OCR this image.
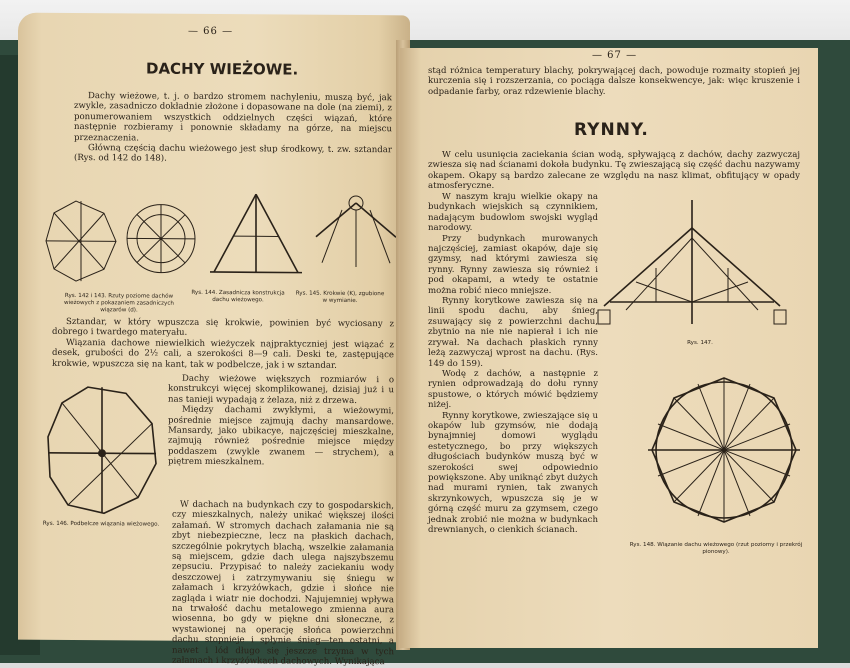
— 66 —
DACHY WIEŻOWE.

Dachy wieżowe, t. j. o bardzo stromem nachyleniu, muszą być, jak zwykle, zasadniczo dokładnie złożone i dopasowane na dole (na ziemi), z ponumerowaniem wszystkich oddzielnych części wiązań, które następnie rozbieramy i ponownie składamy na górze, na miejscu przeznaczenia.

Główną częścią dachu wieżowego jest słup środkowy, t. zw. sztandar (Rys. od 142 do 148).

Rys. 142 i 143. Rzuty poziome dachów wieżowych z pokazaniem zasadniczych wiązarów (d).
Rys. 144. Zasadnicza konstrukcja dachu wieżowego.
Rys. 145. Krokwie (K), zgubione w wymianie.

Sztandar, w który wpuszcza się krokwie, powinien być wyciosany z dobrego i twardego materyału.

Wiązania dachowe niewielkich wieżyczek najpraktyczniej jest wiązać z desek, grubości do 2½ cali, a szerokości 8—9 cali. Deski te, zastępujące krokwie, wpuszcza się na kant, tak w podbelcze, jak i w sztandar.

Dachy wieżowe większych rozmiarów i o konstrukcyi więcej skomplikowanej, dzisiaj już i u nas tanieji wypadają z żelaza, niż z drzewa.

Między dachami zwykłymi, a wieżowymi, pośrednie miejsce zajmują dachy mansardowe. Mansardy, jako ubikacye, najczęściej mieszkalne, zajmują również pośrednie miejsce między poddaszem (zwykle zwanem — strychem), a piętrem mieszkalnem.

Rys. 146. Podbelcze wiązania wieżowego.

W dachach na budynkach czy to gospodarskich, czy mieszkalnych, należy unikać większej ilości załamań. W stromych dachach załamania nie są zbyt niebezpieczne, lecz na płaskich dachach, szczególnie pokrytych blachą, wszelkie załamania są miejscem, gdzie dach ulega najszybszemu zepsuciu. Przypisać to należy zaciekaniu wody deszczowej i zatrzymywaniu się śniegu w załamach i krzyżówkach, gdzie i słońce nie zagląda i wiatr nie dochodzi. Najujemniej wpływa na trwałość dachu metalowego zmienna aura wiosenna, bo gdy w piękne dni słoneczne, z wystawionej na operację słońca powierzchni dachu stopnieje i spłynie śnieg—ten ostatni, a nawet i lód długo się jeszcze trzyma w tych załamach i krzyżówkach dachowych. Wynikająca

— 67 —

stąd różnica temperatury blachy, pokrywającej dach, powoduje rozmaity stopień jej kurczenia się i rozszerzania, co pociąga dalsze konsekwencye, jak: więc kruszenie i odpadanie farby, oraz rdzewienie blachy.

RYNNY.

W celu usunięcia zaciekania ścian wodą, spływającą z dachów, dachy zazwyczaj zwiesza się nad ścianami dokoła budynku. Tę zwieszającą się część dachu nazywamy okapem. Okapy są bardzo zalecane ze względu na nasz klimat, obfitujący w opady atmosferyczne.

W naszym kraju wielkie okapy na budynkach wiejskich są czynnikiem, nadającym budowlom swojski wygląd narodowy.

Przy budynkach murowanych najczęściej, zamiast okapów, daje się gzymsy, nad którymi zawiesza się rynny. Rynny zawiesza się również i pod okapami, a wtedy te ostatnie można robić nieco mniejsze.

Rynny korytkowe zawiesza się na linii spodu dachu, aby śnieg, zsuwający się z powierzchni dachu, zbytnio na nie nie napierał i ich nie zrywał. Na dachach płaskich rynny leżą zazwyczaj wprost na dachu. (Rys. 149 do 159).

Wodę z dachów, a następnie z rynien odprowadzają do dołu rynny spustowe, o których mówić będziemy niżej.

Rynny korytkowe, zwieszające się u okapów lub gzymsów, nie dodają bynajmniej domowi wyglądu estetycznego, bo przy większych długościach budynków muszą być w szerokości swej odpowiednio powiększone. Aby uniknąć zbyt dużych nad murami rynien, tak zwanych skrzynkowych, wpuszcza się je w górną część muru za gzymsem, czego jednak zrobić nie można w budynkach drewnianych, o cienkich ścianach.

Rys. 147.
Rys. 148. Wiązanie dachu wieżowego (rzut poziomy i przekrój pionowy).
